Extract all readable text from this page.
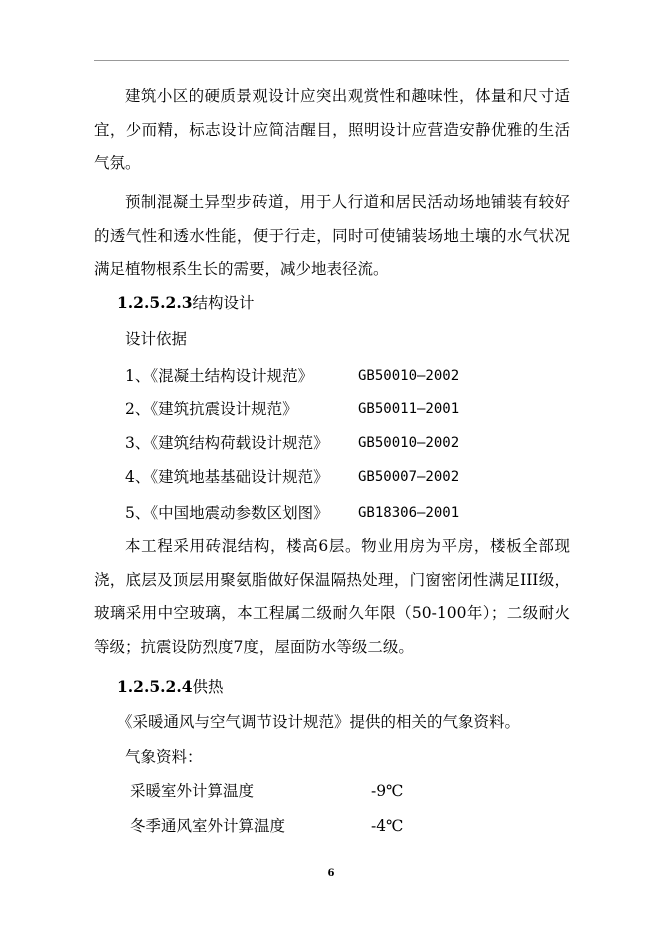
建筑小区的硬质景观设计应突出观赏性和趣味性，体量和尺寸适宜，少而精，标志设计应简洁醒目，照明设计应营造安静优雅的生活气氛。

预制混凝土异型步砖道，用于人行道和居民活动场地铺装有较好的透气性和透水性能，便于行走，同时可使铺装场地土壤的水气状况满足植物根系生长的需要，减少地表径流。

1.2.5.2.3结构设计
设计依据
1、《混凝土结构设计规范》	GB50010—2002
2、《建筑抗震设计规范》	GB50011—2001
3、《建筑结构荷载设计规范》 GB50010—2002
4、《建筑地基基础设计规范》 GB50007—2002
5、《中国地震动参数区划图》 GB18306—2001

本工程采用砖混结构，楼高6层。物业用房为平房，楼板全部现浇，底层及顶层用聚氨脂做好保温隔热处理，门窗密闭性满足III级，玻璃采用中空玻璃，本工程属二级耐久年限（50-100年）；二级耐火等级；抗震设防烈度7度，屋面防水等级二级。

1.2.5.2.4供热
《采暖通风与空气调节设计规范》提供的相关的气象资料。
气象资料：
采暖室外计算温度	-9℃
冬季通风室外计算温度	-4℃
6
